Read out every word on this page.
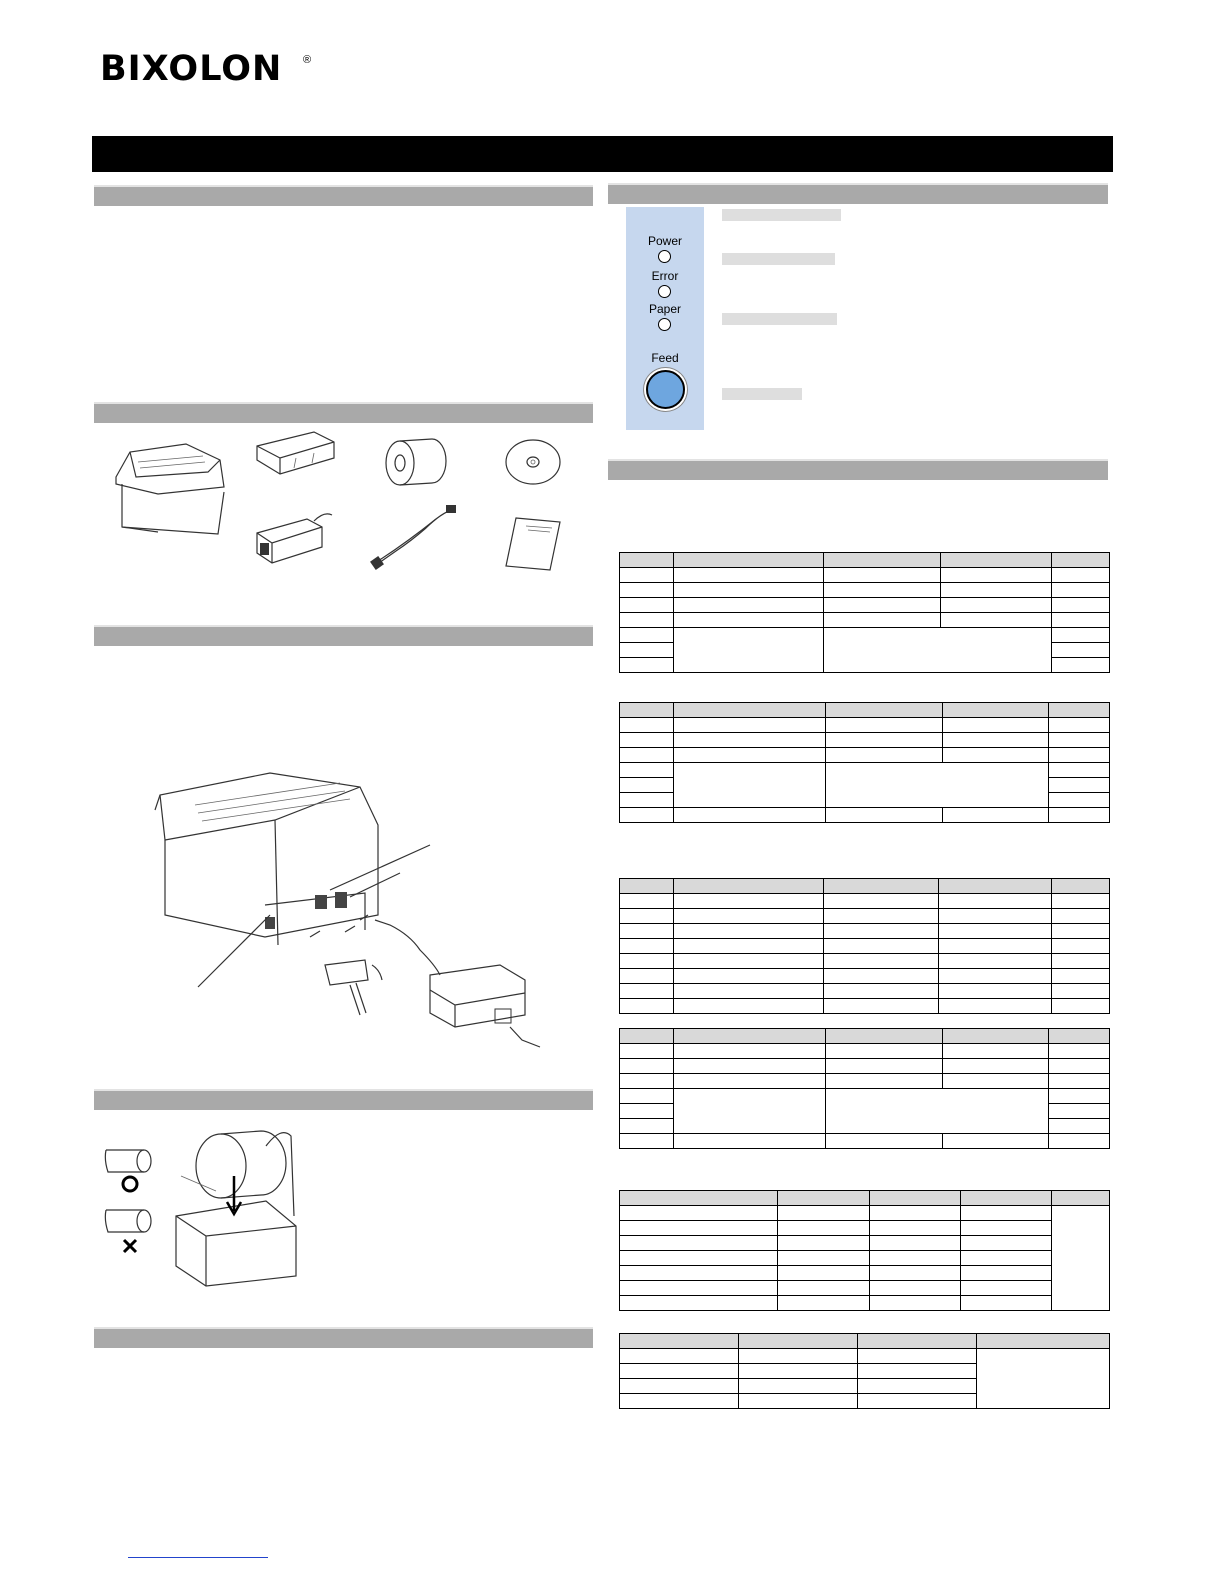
BIXOLON ®
Power
Error
Paper
Feed
